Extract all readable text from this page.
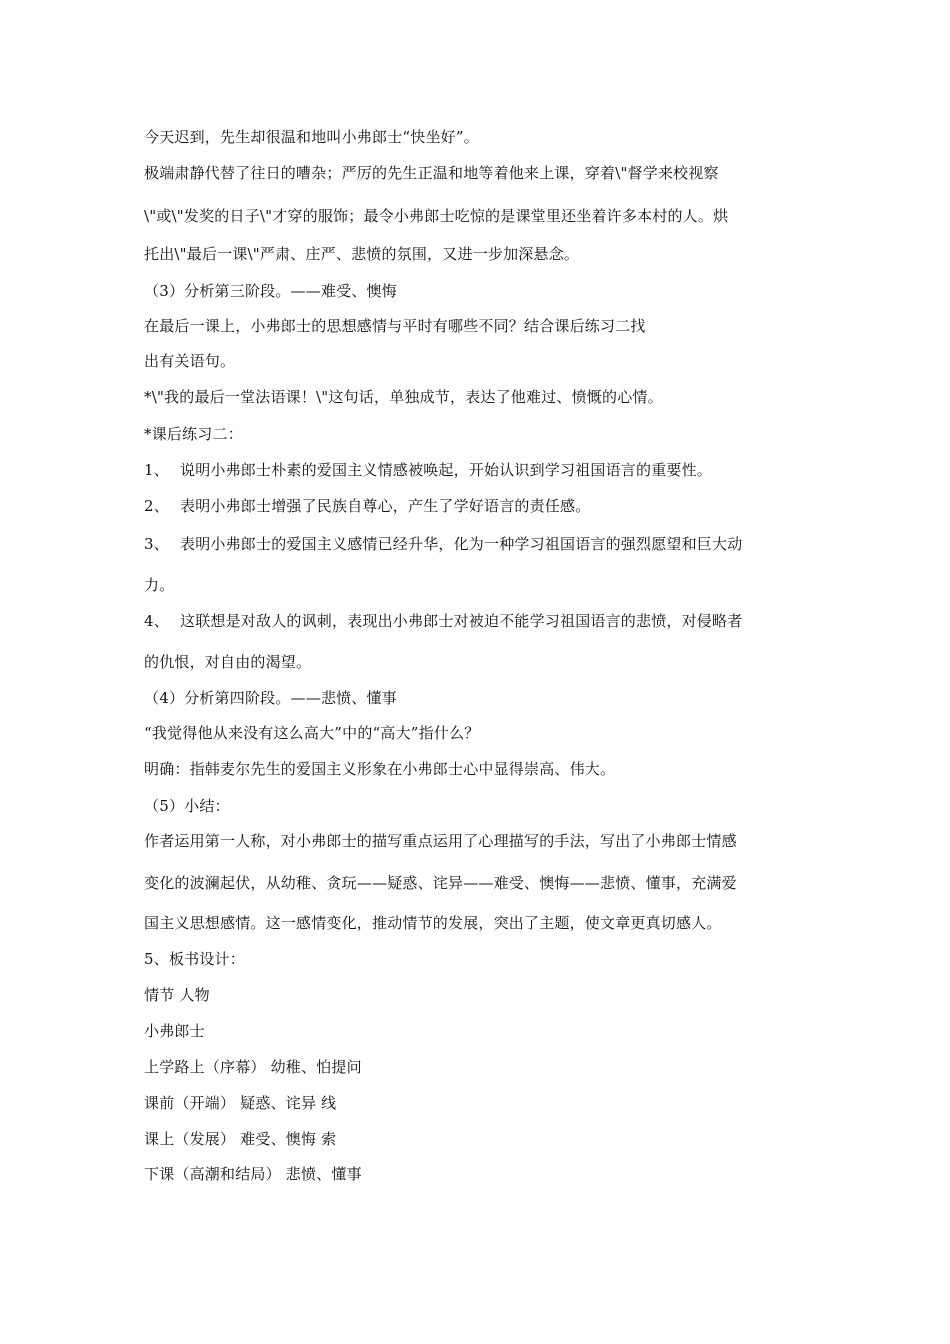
今天迟到，先生却很温和地叫小弗郎士“快坐好”。
极端肃静代替了往日的嘈杂；严厉的先生正温和地等着他来上课，穿着\"督学来校视察
\"或\"发奖的日子\"才穿的服饰；最令小弗郎士吃惊的是课堂里还坐着许多本村的人。烘
托出\"最后一课\"严肃、庄严、悲愤的氛围，又进一步加深悬念。
（3）分析第三阶段。——难受、懊悔
在最后一课上，小弗郎士的思想感情与平时有哪些不同？结合课后练习二找
出有关语句。
*\"我的最后一堂法语课！\"这句话，单独成节，表达了他难过、愤慨的心情。
*课后练习二：
1、 说明小弗郎士朴素的爱国主义情感被唤起，开始认识到学习祖国语言的重要性。
2、 表明小弗郎士增强了民族自尊心，产生了学好语言的责任感。
3、 表明小弗郎士的爱国主义感情已经升华，化为一种学习祖国语言的强烈愿望和巨大动
力。
4、 这联想是对敌人的讽刺，表现出小弗郎士对被迫不能学习祖国语言的悲愤，对侵略者
的仇恨，对自由的渴望。
（4）分析第四阶段。——悲愤、懂事
“我觉得他从来没有这么高大”中的“高大”指什么？
明确：指韩麦尔先生的爱国主义形象在小弗郎士心中显得崇高、伟大。
（5）小结：
作者运用第一人称，对小弗郎士的描写重点运用了心理描写的手法，写出了小弗郎士情感
变化的波澜起伏，从幼稚、贪玩——疑惑、诧异——难受、懊悔——悲愤、懂事，充满爱
国主义思想感情。这一感情变化，推动情节的发展，突出了主题，使文章更真切感人。
5、板书设计：
情节 人物
小弗郎士
上学路上（序幕） 幼稚、怕提问
课前（开端） 疑惑、诧异 线
课上（发展） 难受、懊悔 索
下课（高潮和结局） 悲愤、懂事
